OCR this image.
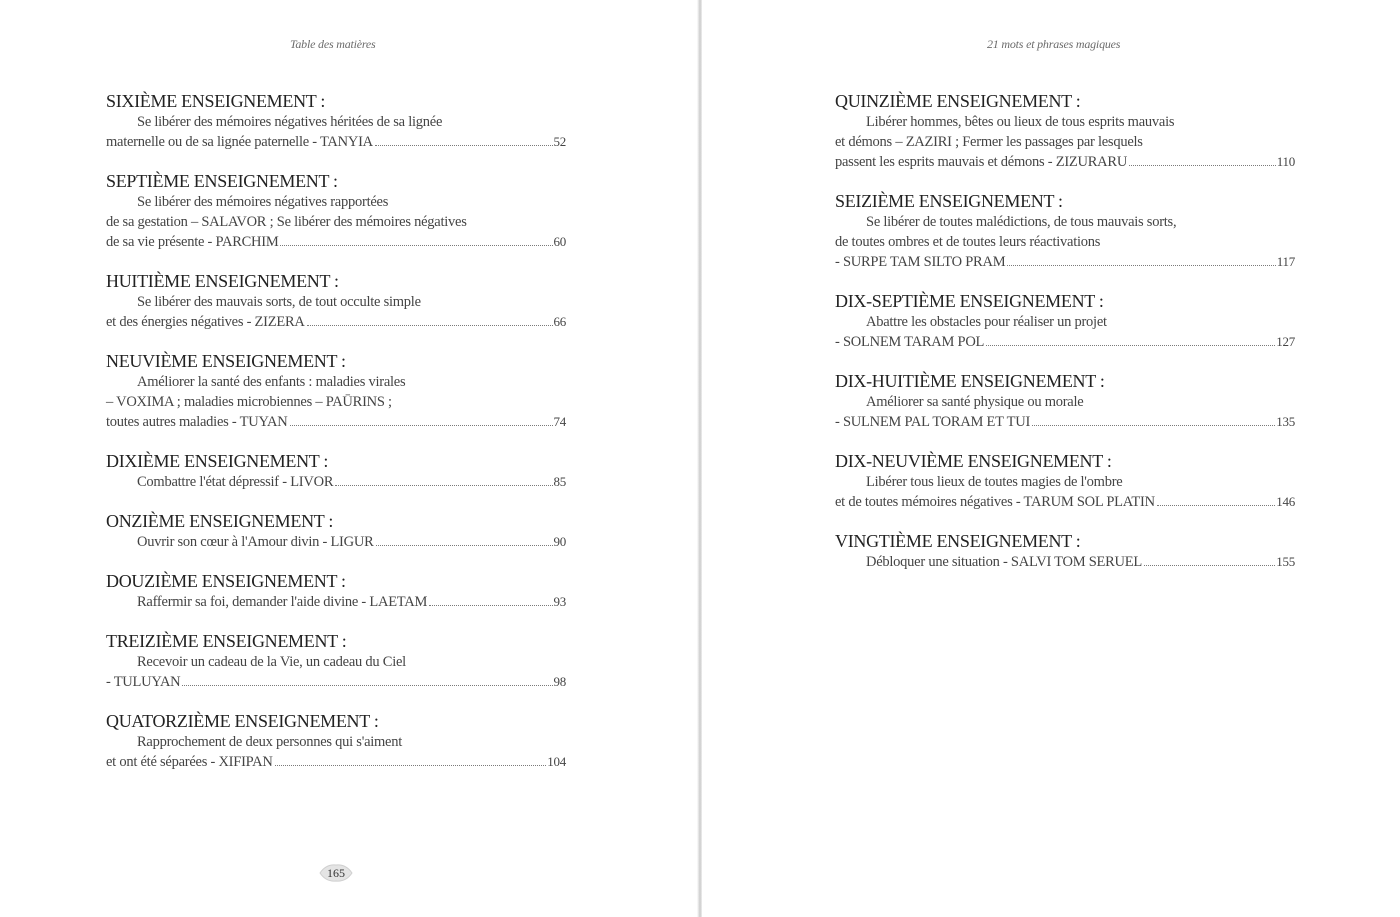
Table des matières
SIXIÈME ENSEIGNEMENT :
Se libérer des mémoires négatives héritées de sa lignée
maternelle ou de sa lignée paternelle - TANYIA	52
SEPTIÈME ENSEIGNEMENT :
Se libérer des mémoires négatives rapportées
de sa gestation – SALAVOR ; Se libérer des mémoires négatives
de sa vie présente - PARCHIM	60
HUITIÈME ENSEIGNEMENT :
Se libérer des mauvais sorts, de tout occulte simple
et des énergies négatives - ZIZERA	66
NEUVIÈME ENSEIGNEMENT :
Améliorer la santé des enfants : maladies virales
– VOXIMA ; maladies microbiennes – PAŪRINS ;
toutes autres maladies - TUYAN	74
DIXIÈME ENSEIGNEMENT :
Combattre l'état dépressif - LIVOR	85
ONZIÈME ENSEIGNEMENT :
Ouvrir son cœur à l'Amour divin - LIGUR	90
DOUZIÈME ENSEIGNEMENT :
Raffermir sa foi, demander l'aide divine - LAETAM	93
TREIZIÈME ENSEIGNEMENT :
Recevoir un cadeau de la Vie, un cadeau du Ciel
- TULUYAN	98
QUATORZIÈME ENSEIGNEMENT :
Rapprochement de deux personnes qui s'aiment
et ont été séparées - XIFIPAN	104
165
21 mots et phrases magiques
QUINZIÈME ENSEIGNEMENT :
Libérer hommes, bêtes ou lieux de tous esprits mauvais
et démons – ZAZIRI ; Fermer les passages par lesquels
passent les esprits mauvais et démons - ZIZURARU	110
SEIZIÈME ENSEIGNEMENT :
Se libérer de toutes malédictions, de tous mauvais sorts,
de toutes ombres et de toutes leurs réactivations
- SURPE TAM SILTO PRAM	117
DIX-SEPTIÈME ENSEIGNEMENT :
Abattre les obstacles pour réaliser un projet
- SOLNEM TARAM POL	127
DIX-HUITIÈME ENSEIGNEMENT :
Améliorer sa santé physique ou morale
- SULNEM PAL TORAM ET TUI	135
DIX-NEUVIÈME ENSEIGNEMENT :
Libérer tous lieux de toutes magies de l'ombre
et de toutes mémoires négatives - TARUM SOL PLATIN	146
VINGTIÈME ENSEIGNEMENT :
Débloquer une situation - SALVI TOM SERUEL	155
